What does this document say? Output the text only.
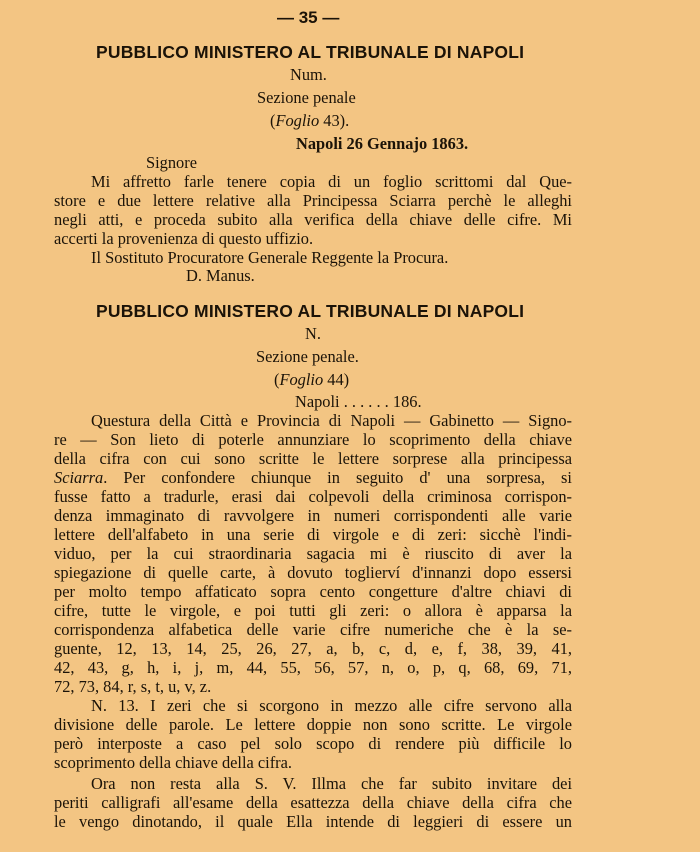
— 35 —
PUBBLICO MINISTERO AL TRIBUNALE DI NAPOLI
Num.
Sezione penale
(Foglio 43).
Napoli 26 Gennajo 1863.
Signore
Mi affretto farle tenere copia di un foglio scrittomi dal Que-
store e due lettere relative alla Principessa Sciarra perchè le alleghi
negli atti, e proceda subito alla verifica della chiave delle cifre. Mi
accerti la provenienza di questo uffizio.
Il Sostituto Procuratore Generale Reggente la Procura.
D. Manus.
PUBBLICO MINISTERO AL TRIBUNALE DI NAPOLI
N.
Sezione penale.
(Foglio 44)
Napoli . . . . . . 186.
Questura della Città e Provincia di Napoli — Gabinetto — Signo-
re — Son lieto di poterle annunziare lo scoprimento della chiave
della cifra con cui sono scritte le lettere sorprese alla principessa
Sciarra. Per confondere chiunque in seguito d' una sorpresa, si
fusse fatto a tradurle, erasi dai colpevoli della criminosa corrispon-
denza immaginato di ravvolgere in numeri corrispondenti alle varie
lettere dell'alfabeto in una serie di virgole e di zeri: sicchè l'indi-
viduo, per la cui straordinaria sagacia mi è riuscito di aver la
spiegazione di quelle carte, à dovuto toglierví d'innanzi dopo essersi
per molto tempo affaticato sopra cento congetture d'altre chiavi di
cifre, tutte le virgole, e poi tutti gli zeri: o allora è apparsa la
corrispondenza alfabetica delle varie cifre numeriche che è la se-
guente, 12, 13, 14, 25, 26, 27, a, b, c, d, e, f, 38, 39, 41,
42, 43, g, h, i, j, m, 44, 55, 56, 57, n, o, p, q, 68, 69, 71,
72, 73, 84, r, s, t, u, v, z.
N. 13. I zeri che si scorgono in mezzo alle cifre servono alla
divisione delle parole. Le lettere doppie non sono scritte. Le virgole
però interposte a caso pel solo scopo di rendere più difficile lo
scoprimento della chiave della cifra.
Ora non resta alla S. V. Illma che far subito invitare dei
periti calligrafi all'esame della esattezza della chiave della cifra che
le vengo dinotando, il quale Ella intende di leggieri di essere un
